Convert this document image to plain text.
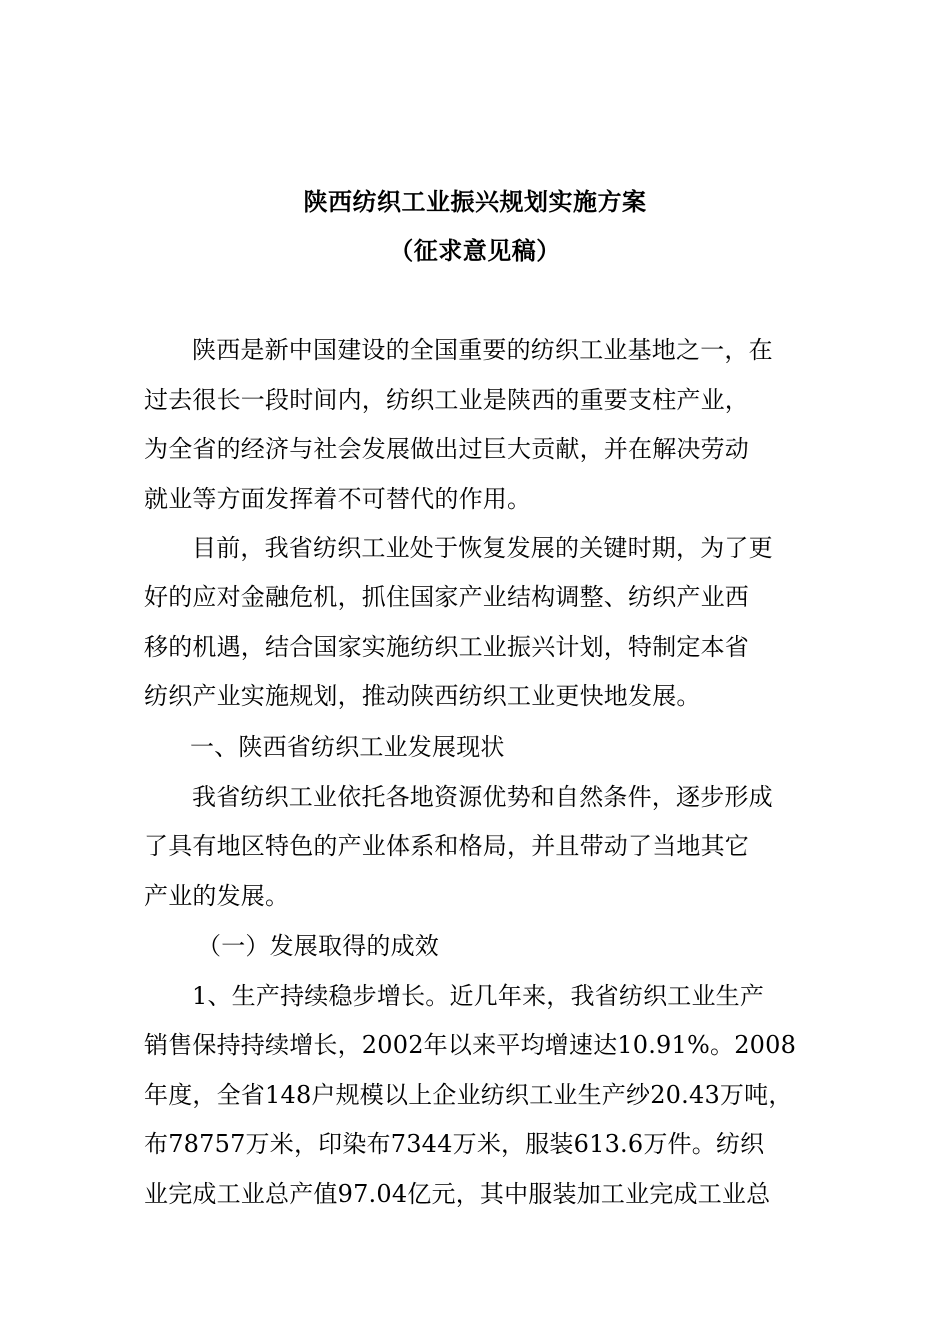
陕西纺织工业振兴规划实施方案
（征求意见稿）
陕西是新中国建设的全国重要的纺织工业基地之一，在
过去很长一段时间内，纺织工业是陕西的重要支柱产业，
为全省的经济与社会发展做出过巨大贡献，并在解决劳动
就业等方面发挥着不可替代的作用。
目前，我省纺织工业处于恢复发展的关键时期，为了更
好的应对金融危机，抓住国家产业结构调整、纺织产业西
移的机遇，结合国家实施纺织工业振兴计划，特制定本省
纺织产业实施规划，推动陕西纺织工业更快地发展。
一、陕西省纺织工业发展现状
我省纺织工业依托各地资源优势和自然条件，逐步形成
了具有地区特色的产业体系和格局，并且带动了当地其它
产业的发展。
（一）发展取得的成效
1、生产持续稳步增长。近几年来，我省纺织工业生产
销售保持持续增长，2002年以来平均增速达10.91%。2008
年度，全省148户规模以上企业纺织工业生产纱20.43万吨，
布78757万米，印染布7344万米，服装613.6万件。纺织
业完成工业总产值97.04亿元，其中服装加工业完成工业总
